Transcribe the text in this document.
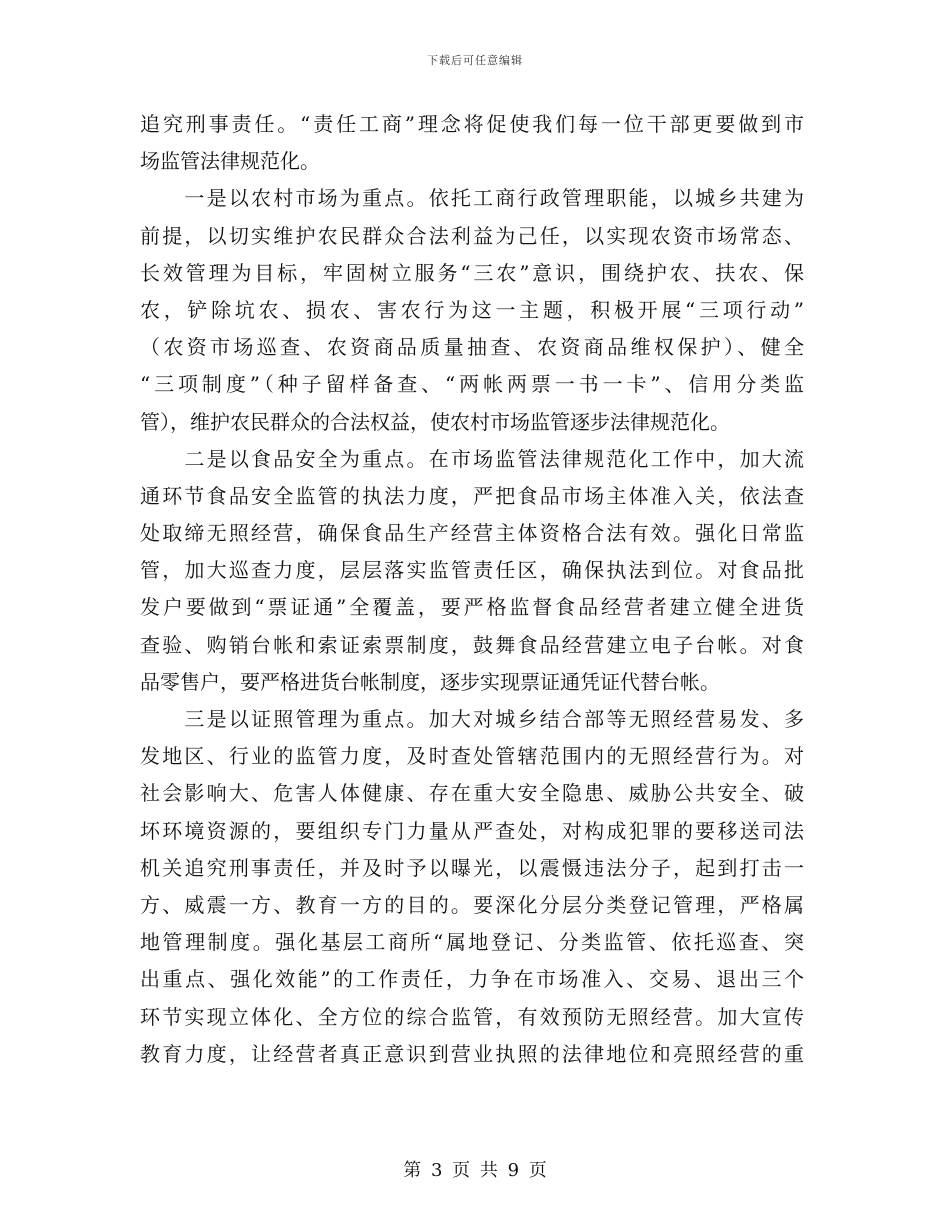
下载后可任意编辑
追究刑事责任。“责任工商”理念将促使我们每一位干部更要做到市
场监管法律规范化。
　　一是以农村市场为重点。依托工商行政管理职能，以城乡共建为
前提，以切实维护农民群众合法利益为己任，以实现农资市场常态、
长效管理为目标，牢固树立服务“三农”意识，围绕护农、扶农、保
农，铲除坑农、损农、害农行为这一主题，积极开展“三项行动”
（农资市场巡查、农资商品质量抽查、农资商品维权保护）、健全
“三项制度”（种子留样备查、“两帐两票一书一卡”、信用分类监
管），维护农民群众的合法权益，使农村市场监管逐步法律规范化。
　　二是以食品安全为重点。在市场监管法律规范化工作中，加大流
通环节食品安全监管的执法力度，严把食品市场主体准入关，依法查
处取缔无照经营，确保食品生产经营主体资格合法有效。强化日常监
管，加大巡查力度，层层落实监管责任区，确保执法到位。对食品批
发户要做到“票证通”全覆盖，要严格监督食品经营者建立健全进货
查验、购销台帐和索证索票制度，鼓舞食品经营建立电子台帐。对食
品零售户，要严格进货台帐制度，逐步实现票证通凭证代替台帐。
　　三是以证照管理为重点。加大对城乡结合部等无照经营易发、多
发地区、行业的监管力度，及时查处管辖范围内的无照经营行为。对
社会影响大、危害人体健康、存在重大安全隐患、威胁公共安全、破
坏环境资源的，要组织专门力量从严查处，对构成犯罪的要移送司法
机关追究刑事责任，并及时予以曝光，以震慑违法分子，起到打击一
方、威震一方、教育一方的目的。要深化分层分类登记管理，严格属
地管理制度。强化基层工商所“属地登记、分类监管、依托巡查、突
出重点、强化效能”的工作责任，力争在市场准入、交易、退出三个
环节实现立体化、全方位的综合监管，有效预防无照经营。加大宣传
教育力度，让经营者真正意识到营业执照的法律地位和亮照经营的重
第 3 页 共 9 页
